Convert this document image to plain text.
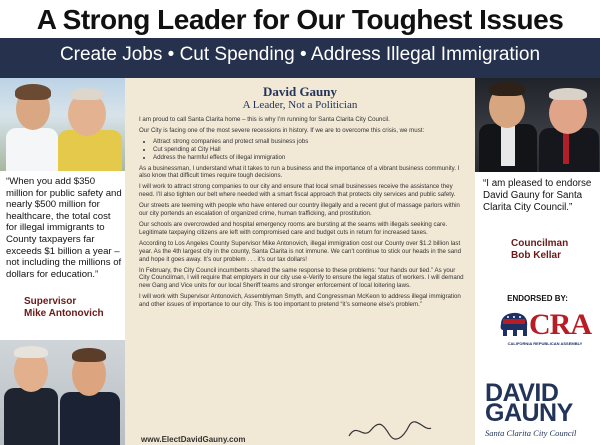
A Strong Leader for Our Toughest Issues
Create Jobs • Cut Spending • Address Illegal Immigration
“When you add $350 million for public safety and nearly $500 million for healthcare, the total cost for illegal immigrants to County taxpayers far exceeds $1 billion a year – not including the millions of dollars for education.”
Supervisor
Mike Antonovich
David Gauny
A Leader, Not a Politician

I am proud to call Santa Clarita home – this is why I’m running for Santa Clarita City Council.

Our City is facing one of the most severe recessions in history. If we are to overcome this crisis, we must:

• Attract strong companies and protect small business jobs
• Cut spending at City Hall
• Address the harmful effects of illegal immigration

As a businessman, I understand what it takes to run a business and the importance of a vibrant business community. I also know that difficult times require tough decisions.

I will work to attract strong companies to our city and ensure that local small businesses receive the assistance they need. I’ll also tighten our belt where needed with a smart fiscal approach that protects city services and public safety.

Our streets are teeming with people who have entered our country illegally and a recent glut of massage parlors within our city portends an escalation of organized crime, human trafficking, and prostitution.

Our schools are overcrowded and hospital emergency rooms are bursting at the seams with illegals seeking care. Legitimate taxpaying citizens are left with compromised care and budget cuts in return for increased taxes.

According to Los Angeles County Supervisor Mike Antonovich, illegal immigration cost our County over $1.2 billion last year. As the 4th largest city in the county, Santa Clarita is not immune. We can’t continue to stick our heads in the sand and hope it goes away. It’s our problem . . . it’s our tax dollars!

In February, the City Council incumbents shared the same response to these problems: “our hands our tied.” As your City Councilman, I will require that employers in our city use e-Verify to ensure the legal status of workers. I will demand new Gang and Vice units for our local Sheriff teams and stronger enforcement of local loitering laws.

I will work with Supervisor Antonovich, Assemblyman Smyth, and Congressman McKeon to address illegal immigration and other issues of importance to our city. This is too important to pretend “it’s someone else’s problem.”

www.ElectDavidGauny.com
“I am pleased to endorse David Gauny for Santa Clarita City Council.”
Councilman
Bob Kellar
ENDORSED BY:
CRA
CALIFORNIA REPUBLICAN ASSEMBLY
DAVID
GAUNY
Santa Clarita City Council
